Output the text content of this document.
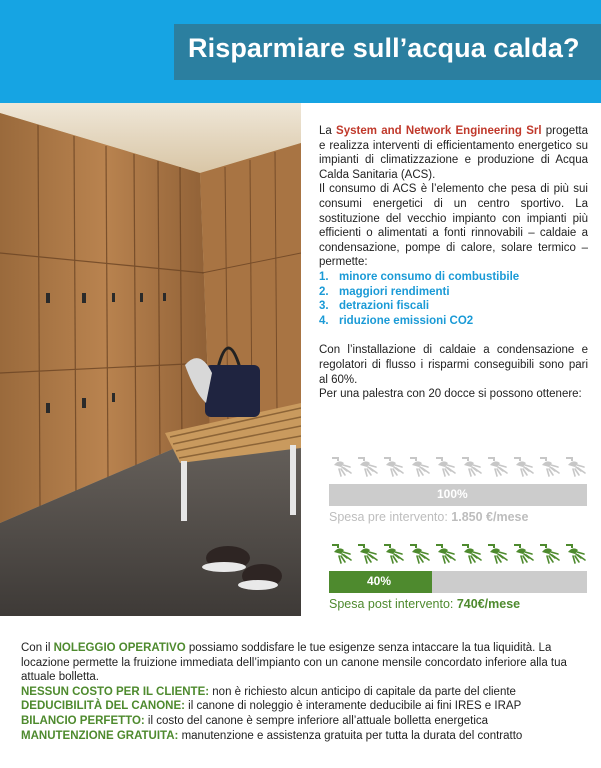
Risparmiare sull’acqua calda?

La System and Network Engineering Srl progetta e realizza interventi di efficientamento energetico su impianti di climatizzazione e produzione di Acqua Calda Sanitaria (ACS).

Il consumo di ACS è l’elemento che pesa di più sui consumi energetici di un centro sportivo. La sostituzione del vecchio impianto con impianti più efficienti o alimentati a fonti rinnovabili – caldaie a condensazione, pompe di calore, solare termico – permette:

1. minore consumo di combustibile
2. maggiori rendimenti
3. detrazioni fiscali
4. riduzione emissioni CO2

Con l’installazione di caldaie a condensazione e regolatori di flusso i risparmi conseguibili sono pari al 60%.

Per una palestra con 20 docce si possono ottenere:

100%
Spesa pre intervento: 1.850 €/mese
40%
Spesa post intervento: 740€/mese

Con il NOLEGGIO OPERATIVO possiamo soddisfare le tue esigenze senza intaccare la tua liquidità. La locazione permette la fruizione immediata dell’impianto con un canone mensile concordato inferiore alla tua attuale bolletta.

NESSUN COSTO PER IL CLIENTE: non è richiesto alcun anticipo di capitale da parte del cliente

DEDUCIBILITÀ DEL CANONE: il canone di noleggio è interamente deducibile ai fini IRES e IRAP

BILANCIO PERFETTO: il costo del canone è sempre inferiore all’attuale bolletta energetica

MANUTENZIONE GRATUITA: manutenzione e assistenza gratuita per tutta la durata del contratto
